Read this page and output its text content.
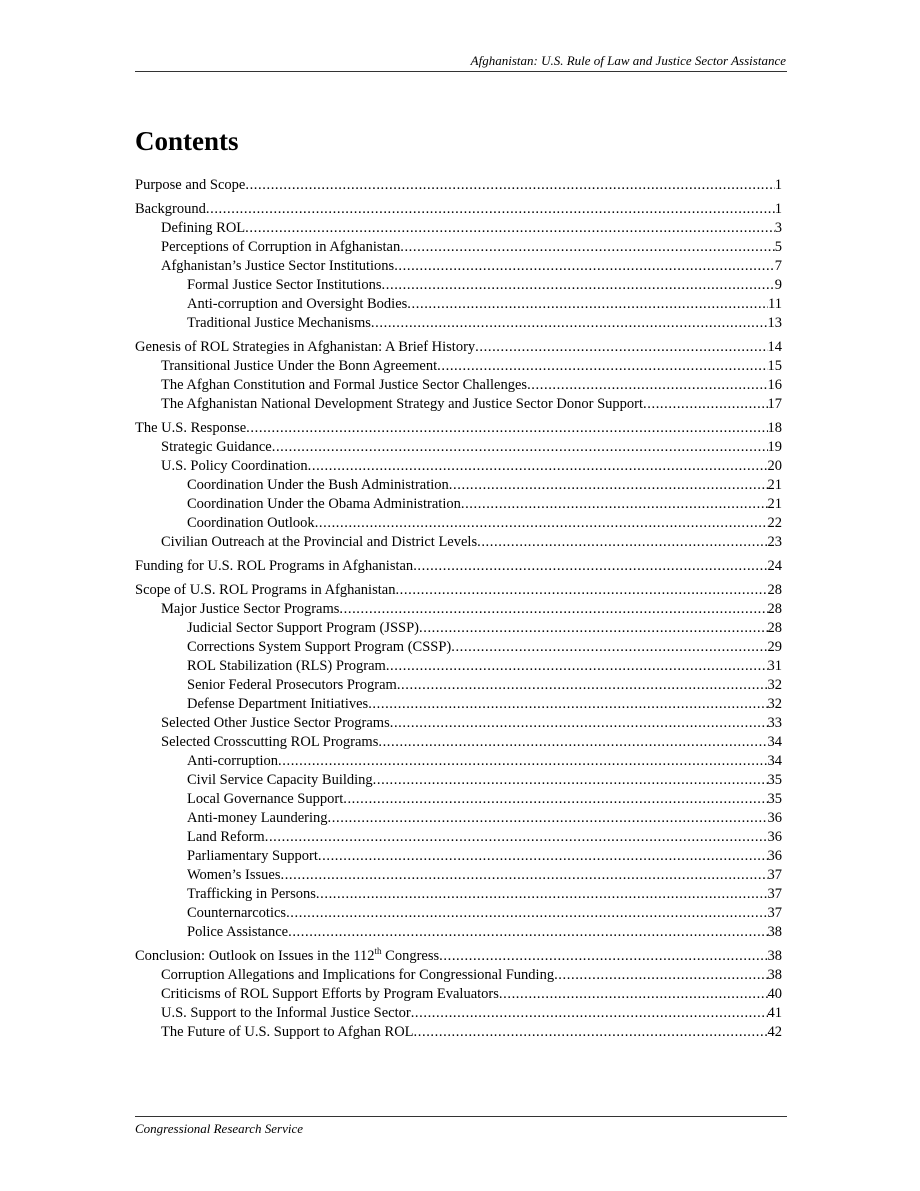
Afghanistan: U.S. Rule of Law and Justice Sector Assistance
Contents
Purpose and Scope .....	1
Background .....	1
Defining ROL .....	3
Perceptions of Corruption in Afghanistan .....	5
Afghanistan’s Justice Sector Institutions .....	7
Formal Justice Sector Institutions .....	9
Anti-corruption and Oversight Bodies .....	11
Traditional Justice Mechanisms .....	13
Genesis of ROL Strategies in Afghanistan: A Brief History .....	14
Transitional Justice Under the Bonn Agreement .....	15
The Afghan Constitution and Formal Justice Sector Challenges .....	16
The Afghanistan National Development Strategy and Justice Sector Donor Support .....	17
The U.S. Response .....	18
Strategic Guidance .....	19
U.S. Policy Coordination .....	20
Coordination Under the Bush Administration .....	21
Coordination Under the Obama Administration .....	21
Coordination Outlook .....	22
Civilian Outreach at the Provincial and District Levels .....	23
Funding for U.S. ROL Programs in Afghanistan .....	24
Scope of U.S. ROL Programs in Afghanistan .....	28
Major Justice Sector Programs .....	28
Judicial Sector Support Program (JSSP) .....	28
Corrections System Support Program (CSSP) .....	29
ROL Stabilization (RLS) Program .....	31
Senior Federal Prosecutors Program .....	32
Defense Department Initiatives .....	32
Selected Other Justice Sector Programs .....	33
Selected Crosscutting ROL Programs .....	34
Anti-corruption .....	34
Civil Service Capacity Building .....	35
Local Governance Support .....	35
Anti-money Laundering .....	36
Land Reform .....	36
Parliamentary Support .....	36
Women’s Issues .....	37
Trafficking in Persons .....	37
Counternarcotics .....	37
Police Assistance .....	38
Conclusion: Outlook on Issues in the 112th Congress .....	38
Corruption Allegations and Implications for Congressional Funding .....	38
Criticisms of ROL Support Efforts by Program Evaluators .....	40
U.S. Support to the Informal Justice Sector .....	41
The Future of U.S. Support to Afghan ROL .....	42
Congressional Research Service
